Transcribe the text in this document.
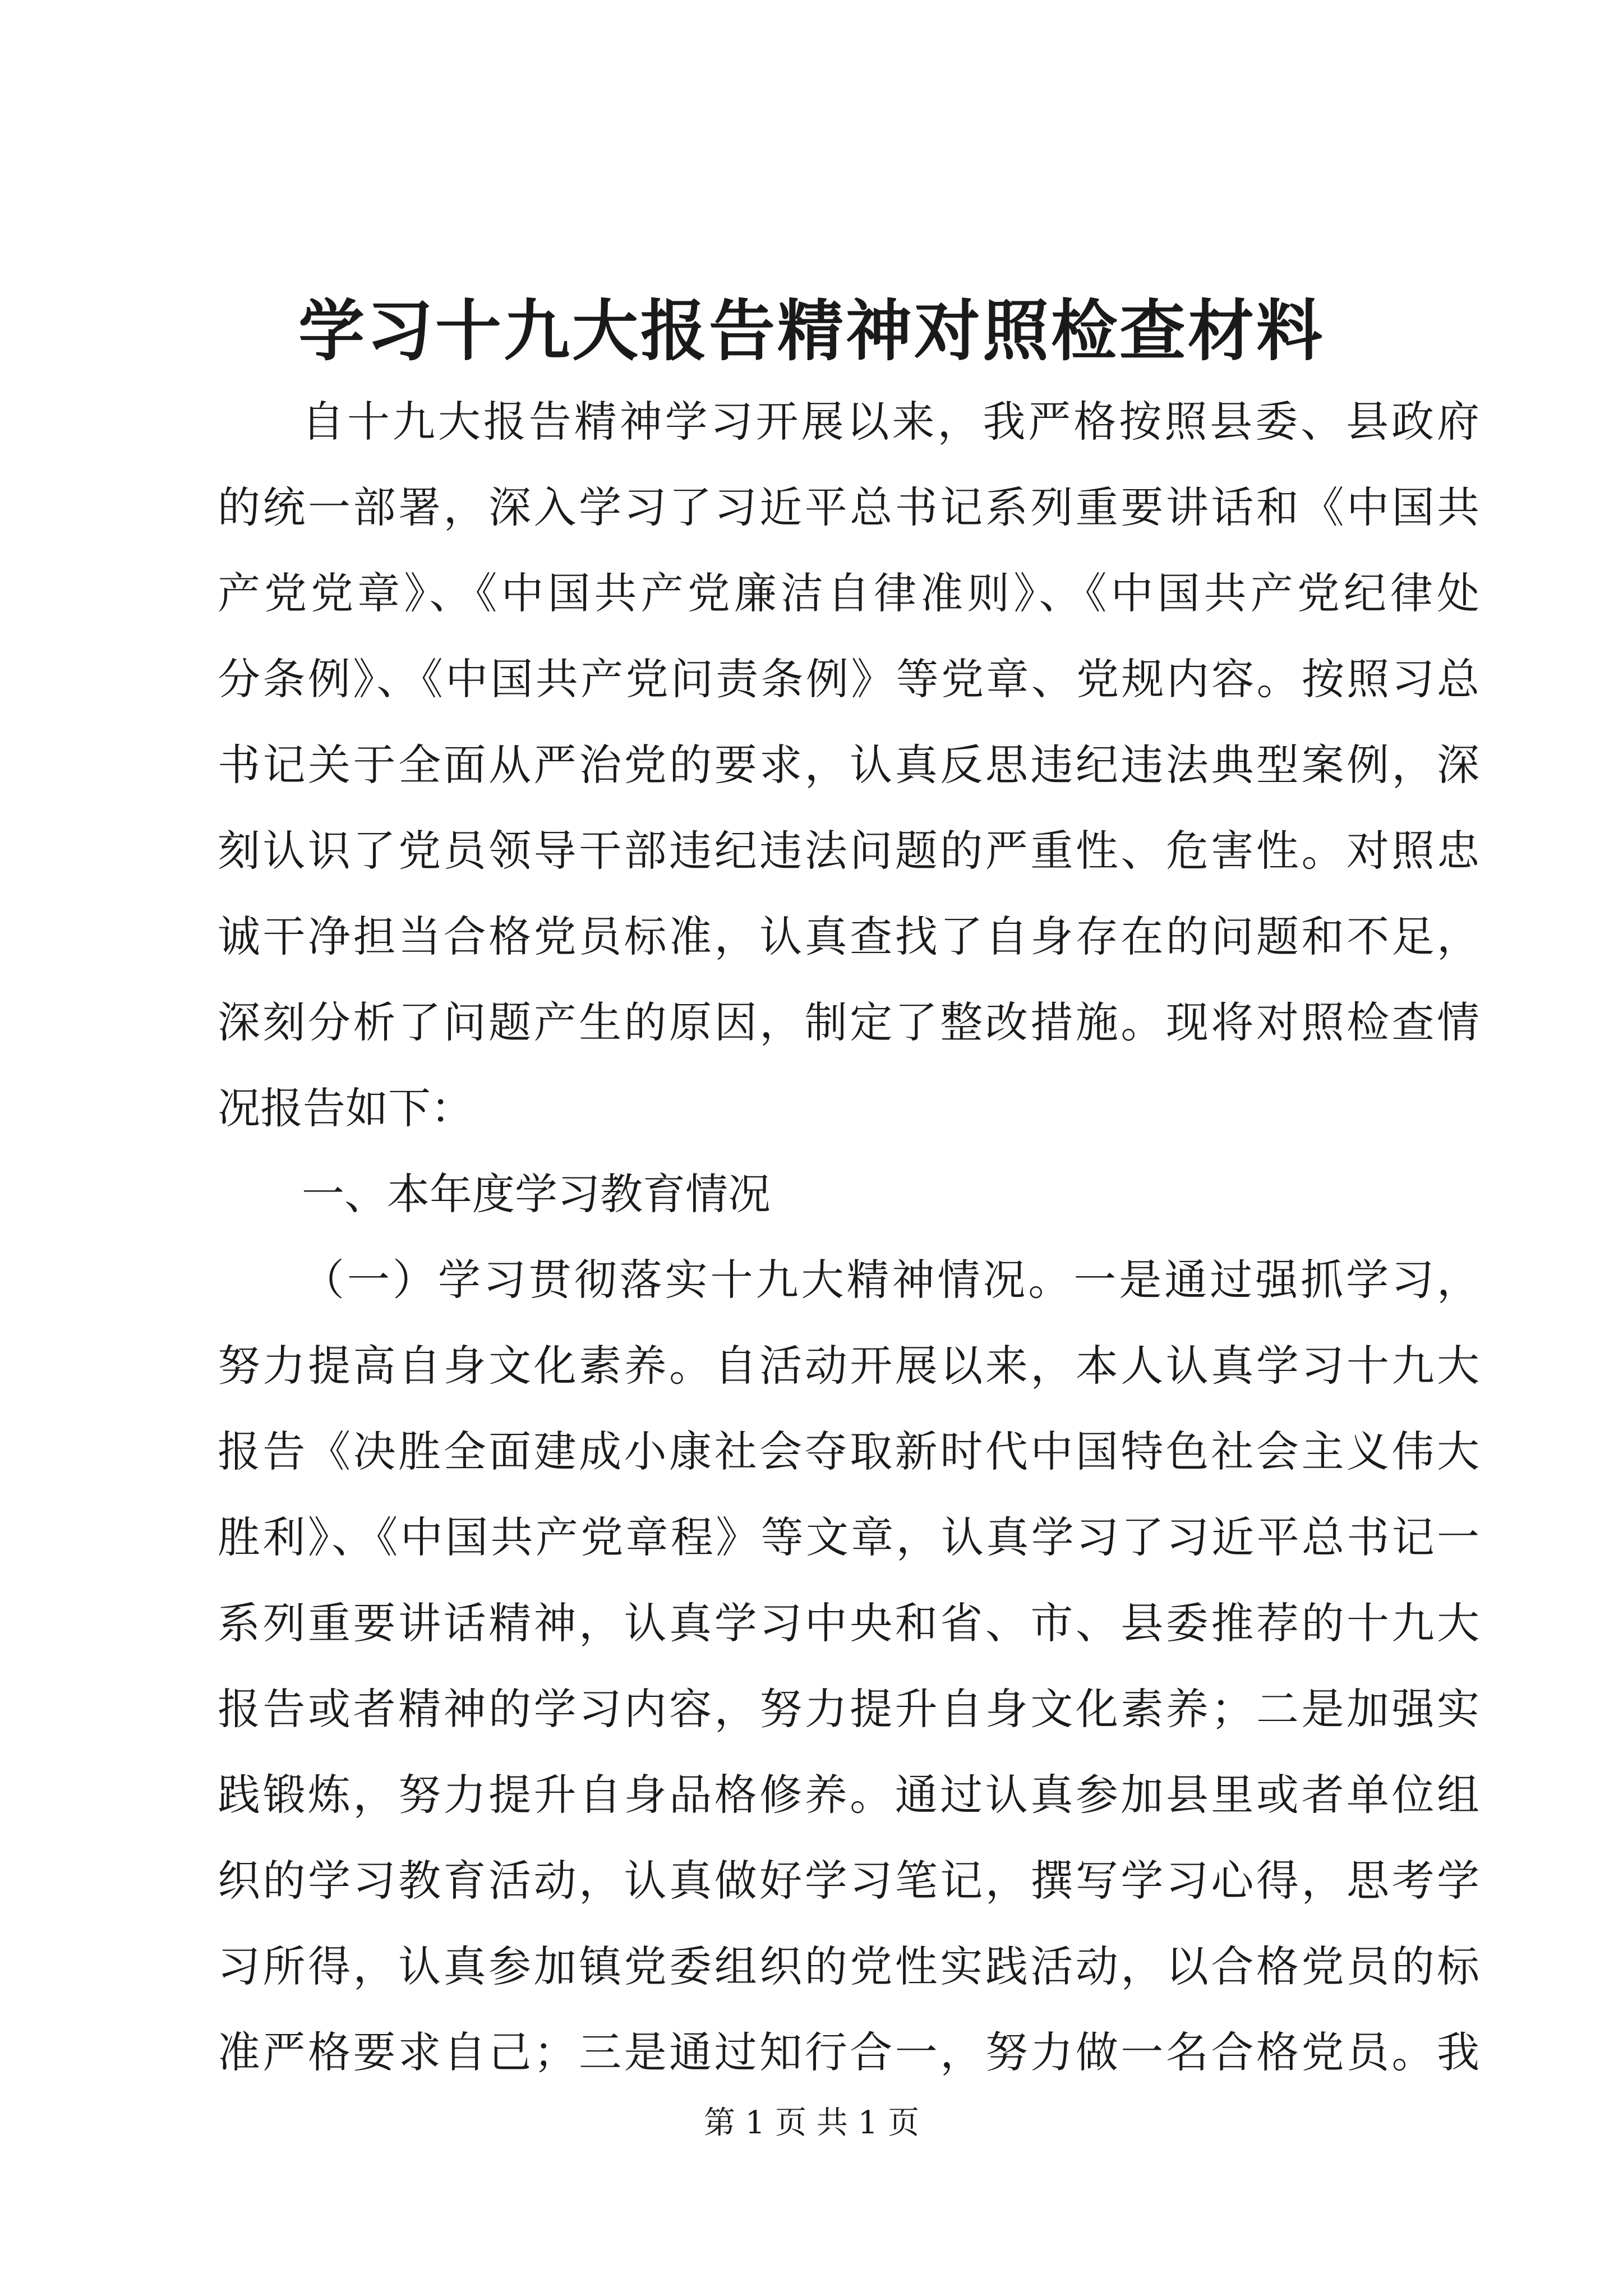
学习十九大报告精神对照检查材料
自十九大报告精神学习开展以来，我严格按照县委、县政府
的统一部署，深入学习了习近平总书记系列重要讲话和《中国共
产党党章》、《中国共产党廉洁自律准则》、《中国共产党纪律处
分条例》、《中国共产党问责条例》等党章、党规内容。按照习总
书记关于全面从严治党的要求，认真反思违纪违法典型案例，深
刻认识了党员领导干部违纪违法问题的严重性、危害性。对照忠
诚干净担当合格党员标准，认真查找了自身存在的问题和不足，
深刻分析了问题产生的原因，制定了整改措施。现将对照检查情
况报告如下：
一、本年度学习教育情况
（一）学习贯彻落实十九大精神情况。一是通过强抓学习，
努力提高自身文化素养。自活动开展以来，本人认真学习十九大
报告《决胜全面建成小康社会夺取新时代中国特色社会主义伟大
胜利》、《中国共产党章程》等文章，认真学习了习近平总书记一
系列重要讲话精神，认真学习中央和省、市、县委推荐的十九大
报告或者精神的学习内容，努力提升自身文化素养；二是加强实
践锻炼，努力提升自身品格修养。通过认真参加县里或者单位组
织的学习教育活动，认真做好学习笔记，撰写学习心得，思考学
习所得，认真参加镇党委组织的党性实践活动，以合格党员的标
准严格要求自己；三是通过知行合一，努力做一名合格党员。我
第 1 页 共 1 页
